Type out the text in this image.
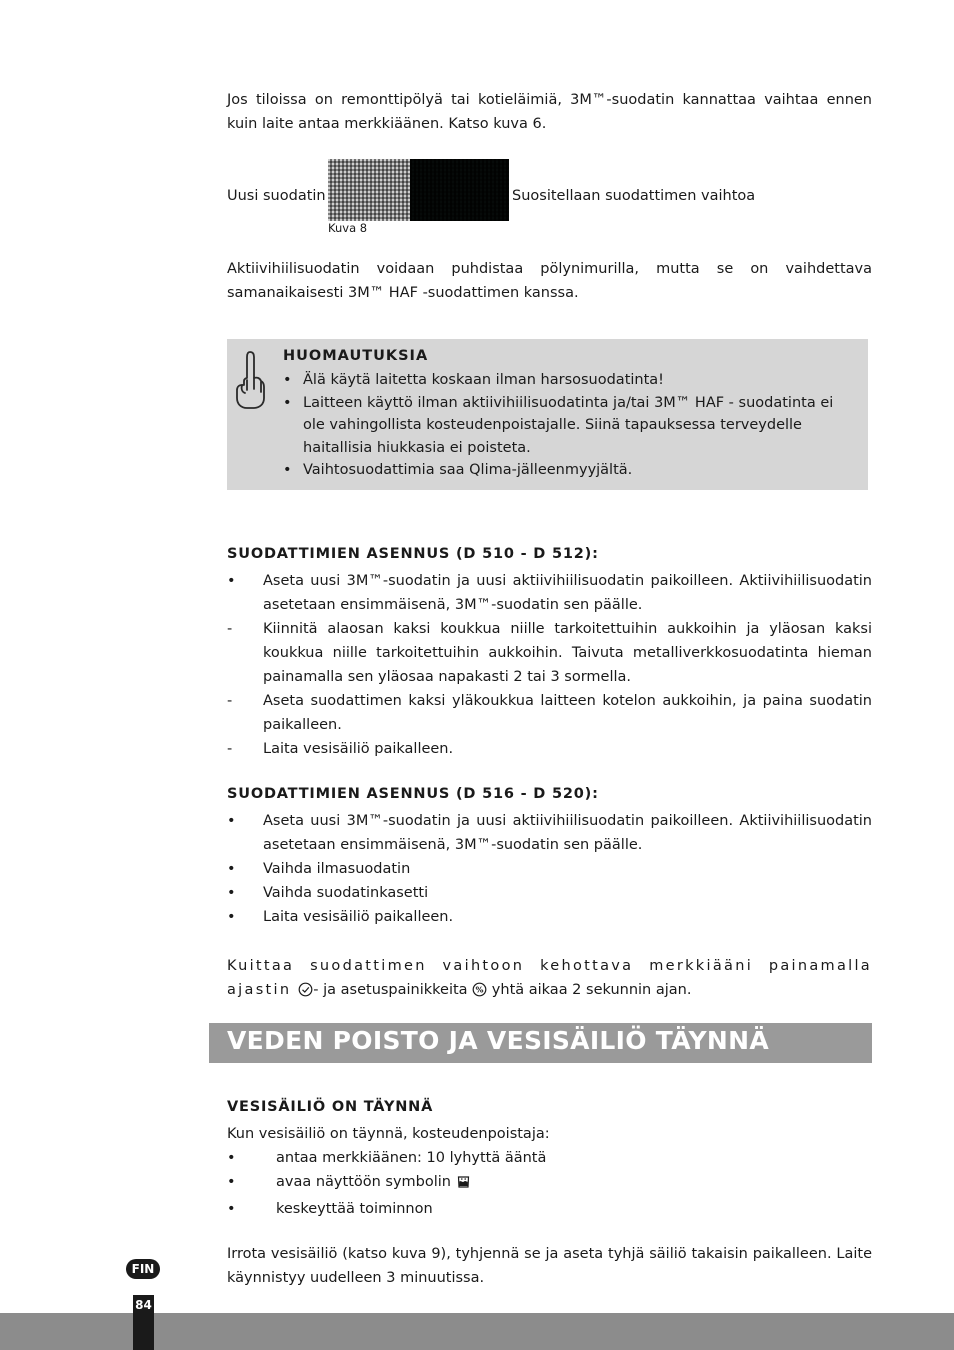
Jos tiloissa on remonttipölyä tai kotieläimiä, 3M™-suodatin kannattaa vaihtaa ennen kuin laite antaa merkkiäänen. Katso kuva 6.
Uusi suodatin	Suositellaan suodattimen vaihtoa
Kuva 8
Aktiivihiilisuodatin voidaan puhdistaa pölynimurilla, mutta se on vaihdettava samanaikaisesti 3M™ HAF -suodattimen kanssa.
HUOMAUTUKSIA
• Älä käytä laitetta koskaan ilman harsosuodatinta!
• Laitteen käyttö ilman aktiivihiilisuodatinta ja/tai 3M™ HAF - suodatinta ei ole vahingollista kosteudenpoistajalle. Siinä tapauksessa terveydelle haitallisia hiukkasia ei poisteta.
• Vaihtosuodattimia saa Qlima-jälleenmyyjältä.
SUODATTIMIEN ASENNUS (D 510 - D 512):
• Aseta uusi 3M™-suodatin ja uusi aktiivihiilisuodatin paikoilleen. Aktiivihiilisuodatin asetetaan ensimmäisenä, 3M™-suodatin sen päälle.
- Kiinnitä alaosan kaksi koukkua niille tarkoitettuihin aukkoihin ja yläosan kaksi koukkua niille tarkoitettuihin aukkoihin. Taivuta metalliverkkosuodatinta hieman painamalla sen yläosaa napakasti 2 tai 3 sormella.
- Aseta suodattimen kaksi yläkoukkua laitteen kotelon aukkoihin, ja paina suodatin paikalleen.
- Laita vesisäiliö paikalleen.
SUODATTIMIEN ASENNUS (D 516 - D 520):
• Aseta uusi 3M™-suodatin ja uusi aktiivihiilisuodatin paikoilleen. Aktiivihiilisuodatin asetetaan ensimmäisenä, 3M™-suodatin sen päälle.
• Vaihda ilmasuodatin
• Vaihda suodatinkasetti
• Laita vesisäiliö paikalleen.
Kuittaa suodattimen vaihtoon kehottava merkkiääni painamalla ajastin - ja asetuspainikkeita % yhtä aikaa 2 sekunnin ajan.
VEDEN POISTO JA VESISÄILIÖ TÄYNNÄ
VESISÄILIÖ ON TÄYNNÄ
Kun vesisäiliö on täynnä, kosteudenpoistaja:
•	antaa merkkiäänen: 10 lyhyttä ääntä
•	avaa näyttöön symbolin
•	keskeyttää toiminnon
Irrota vesisäiliö (katso kuva 9), tyhjennä se ja aseta tyhjä säiliö takaisin paikalleen. Laite käynnistyy uudelleen 3 minuutissa.
FIN
84
